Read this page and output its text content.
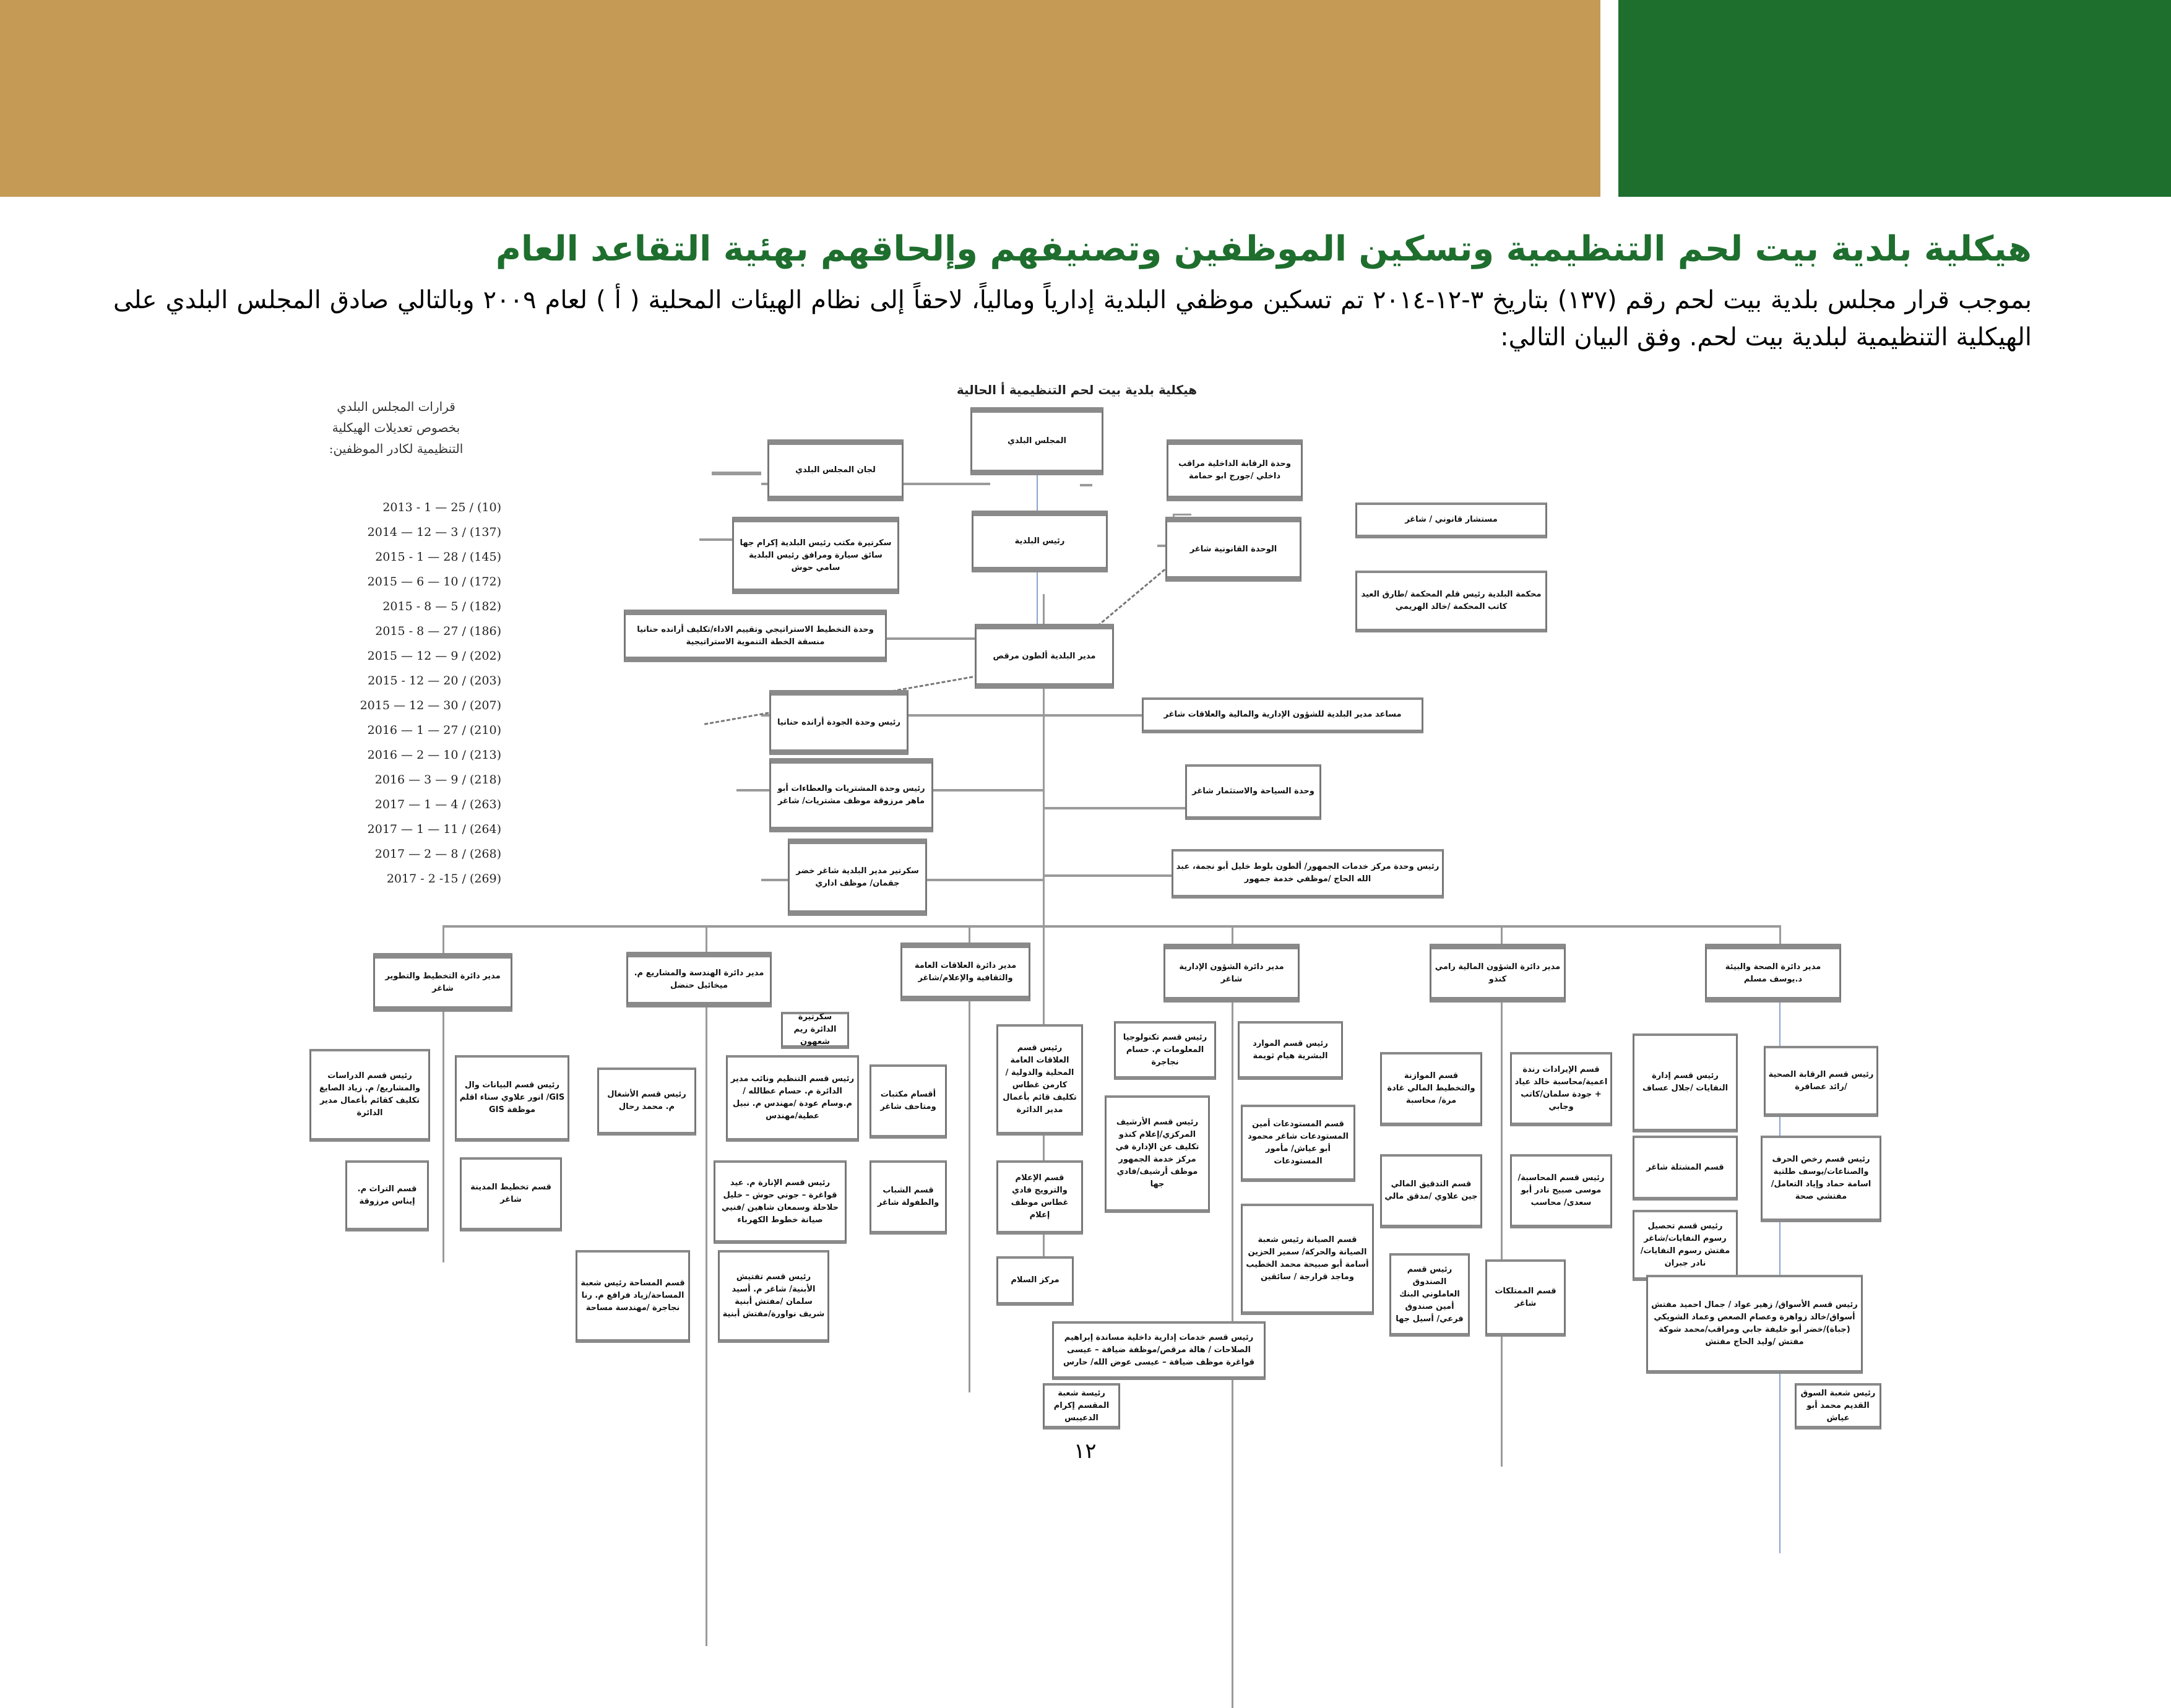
هيكلية بلدية بيت لحم التنظيمية وتسكين الموظفين وتصنيفهم وإلحاقهم بهئية التقاعد العام
بموجب قرار مجلس بلدية بيت لحم رقم (١٣٧) بتاريخ ٣-١٢-٢٠١٤ تم تسكين موظفي البلدية إدارياً ومالياً، لاحقاً إلى نظام الهيئات المحلية ( أ ) لعام ٢٠٠٩ وبالتالي صادق المجلس البلدي على الهيكلية التنظيمية لبلدية بيت لحم. وفق البيان التالي:
هيكلية بلدية بيت لحم التنظيمية أ الحالية
قرارات المجلس البلدي بخصوص تعديلات الهيكلية التنظيمية لكادر الموظفين:
2013 - 1 — 25 / (10)
2014 — 12 — 3 / (137)
2015 - 1 — 28 / (145)
2015 — 6 — 10 / (172)
2015 - 8 — 5 / (182)
2015 - 8 — 27 / (186)
2015 — 12 — 9 / (202)
2015 - 12 — 20 / (203)
2015 — 12 — 30 / (207)
2016 — 1 — 27 / (210)
2016 — 2 — 10 / (213)
2016 — 3 — 9 / (218)
2017 — 1 — 4 / (263)
2017 — 1 — 11 / (264)
2017 — 2 — 8 / (268)
2017 - 2 -15 / (269)
المجلس البلدي
لجان المجلس البلدي
وحدة الرقابة الداخلية مراقب داخلي /جورج ابو حمامة
رئيس البلدية
سكرتيرة مكتب رئيس البلدية إكرام جها سائق سيارة ومرافق رئيس البلدية سامي حوش
الوحدة القانونية شاغر
مستشار قانوني / شاغر
محكمة البلدية رئيس قلم المحكمة /طارق العيد كاتب المحكمة /خالد الهريمي
وحدة التخطيط الاستراتيجي وتقييم الاداء/تكليف أرانده حنانيا منسقة الخطة التنموية الاستراتيجية
مدير البلدية ألطون مرقص
رئيس وحدة الجودة أرانده حنانيا
مساعد مدير البلدية للشؤون الإدارية والمالية والعلاقات شاغر
رئيس وحدة المشتريات والعطاءات أبو ماهر مرزوقة موظف مشتريات/ شاغر
وحدة السياحة والاستثمار شاغر
سكرتير مدير البلدية شاغر خضر جقمان/ موظف اداري
رئيس وحدة مركز خدمات الجمهور/ ألطون بلوط خليل أبو نجمة، عبد الله الحاج /موظفي خدمة جمهور
مدير دائرة التخطيط والتطوير شاغر
مدير دائرة الهندسة والمشاريع م. ميخائيل حنضل
مدير دائرة العلاقات العامة والثقافية والإعلام/شاغر
مدير دائرة الشؤون الإدارية شاغر
مدير دائرة الشؤون المالية رامي كنذو
مدير دائرة الصحة والبيئة د.يوسف مسلم
رئيس قسم الدراسات والمشاريع/ م. زياد الصايغ تكليف كقائم بأعمال مدير الدائرة
رئيس قسم البيانات وال GIS/ انور علاوي سناء اقلم موظفة GIS
قسم التراث م. إيناس مرزوقة
قسم تخطيط المدينة شاغر
سكرتيرة الدائرة ريم شعهون
رئيس قسم الأشغال م. محمد رحال
رئيس قسم التنظيم ونائب مدير الدائرة م. حسام عطالله / م.وسام عودة /مهندس م. نبيل عطية/مهندس
رئيس قسم الإنارة م. عيد قواغرة – جوني حوش – خليل حلاحلة وسمعان شاهين /فنيي صيانة خطوط الكهرباء
قسم المساحة رئيس شعبة المساحة/زياد فرافع م. رنا نجاجرة /مهندسة مساحة
رئيس قسم تفتيش الأبنية/ شاغر م. أسيد سلمان /مفتش أبنية شريف نواورة/مفتش أبنية
أقسام مكتبات ومتاحف شاغر
رئيس قسم العلاقات العامة المحلية والدولية /كارمن غطاس تكليف قائم بأعمال مدير الدائرة
قسم الشباب والطفولة شاغر
قسم الإعلام والترويج فادي غطاس موظف إعلام
مركز السلام
رئيس قسم تكنولوجيا المعلومات م. حسام نجاجرة
رئيس قسم الموارد البشرية هيام ثويمة
رئيس قسم الأرشيف المركزي/إعلام كنذو تكليف عن الإدارة في مركز خدمة الجمهور موظف أرشيف/فادي جها
قسم المستودعات أمين المستودعات شاغر محمود أبو عياش/ مأمور المستودعات
قسم الصيانة رئيس شعبة الصيانة والحركة/ سمير الحزين أسامة أبو صبيحة محمد الخطيب وماجد قرارجة / سائقين
رئيس قسم خدمات إدارية داخلية مساندة إبراهيم الصلاحات / هالة مرقص/موظفة ضيافة – عيسى قواغرة موظف ضيافة – عيسى عوض الله/ حارس
رئيسة شعبة المقسم إكرام الدعيبس
قسم الموازنة والتخطيط المالي غادة مرة/ محاسبة
قسم الإيرادات رندة اعمية/محاسبة خالد عياد + جودة سلمان/كاتب وجابي
قسم التدقيق المالي جين علاوي /مدقق مالي
رئيس قسم المحاسبة/ موسى صبيح نادر أبو سعدى/ محاسب
رئيس قسم الصندوق العاملوني البنك أمين صندوق فرعي/ أسيل جها
قسم الممتلكات شاغر
رئيس قسم إدارة النفايات /جلال عساف
رئيس قسم الرقابة الصحية /رائد عصافرة
قسم المشتلة شاغر
رئيس قسم رخص الحرف والصناعات/يوسف طلتية اسامة حماد وإياد التعامل/ مفتشي صحة
رئيس قسم تحصيل رسوم النفايات/شاغر مفتش رسوم النفايات/ نادر جبران
رئيس قسم الأسواق/ زهير عواد / جمال احميد مفتش أسواق/خالد زواهرة وعصام الصعص وعماد الشويكي (جباة)/خضر أبو خليفة جابي ومراقب/محمد شوكة مفتش /وليد الحاج مفتش
رئيس شعبة السوق القديم محمد أبو عياش
١٢
